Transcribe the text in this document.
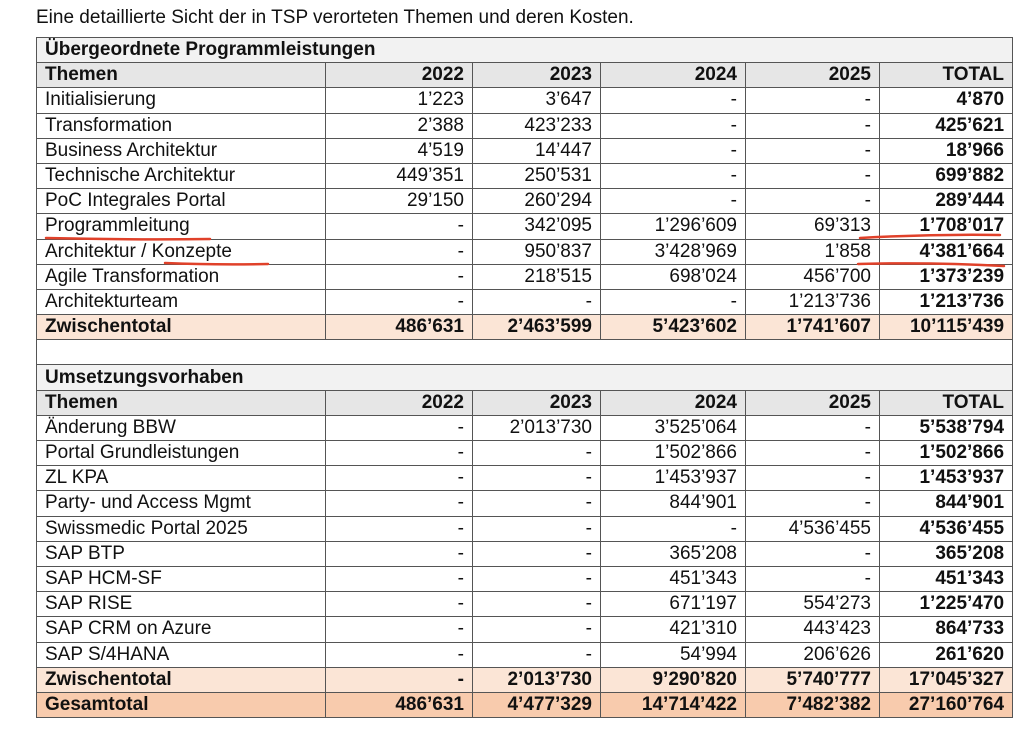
Eine detaillierte Sicht der in TSP verorteten Themen und deren Kosten.
Übergeordnete Programmleistungen					
Themen	2022	2023	2024	2025	TOTAL
Initialisierung	1’223	3’647	-	-	4’870
Transformation	2’388	423’233	-	-	425’621
Business Architektur	4’519	14’447	-	-	18’966
Technische Architektur	449’351	250’531	-	-	699’882
PoC Integrales Portal	29’150	260’294	-	-	289’444
Programmleitung	-	342’095	1’296’609	69’313	1’708’017
Architektur / Konzepte	-	950’837	3’428’969	1’858	4’381’664
Agile Transformation	-	218’515	698’024	456’700	1’373’239
Architekturteam	-	-	-	1’213’736	1’213’736
Zwischentotal	486’631	2’463’599	5’423’602	1’741’607	10’115’439

Umsetzungsvorhaben					
Themen	2022	2023	2024	2025	TOTAL
Änderung BBW	-	2’013’730	3’525’064	-	5’538’794
Portal Grundleistungen	-	-	1’502’866	-	1’502’866
ZL KPA	-	-	1’453’937	-	1’453’937
Party- und Access Mgmt	-	-	844’901	-	844’901
Swissmedic Portal 2025	-	-	-	4’536’455	4’536’455
SAP BTP	-	-	365’208	-	365’208
SAP HCM-SF	-	-	451’343	-	451’343
SAP RISE	-	-	671’197	554’273	1’225’470
SAP CRM on Azure	-	-	421’310	443’423	864’733
SAP S/4HANA	-	-	54’994	206’626	261’620
Zwischentotal	-	2’013’730	9’290’820	5’740’777	17’045’327
Gesamtotal	486’631	4’477’329	14’714’422	7’482’382	27’160’764
